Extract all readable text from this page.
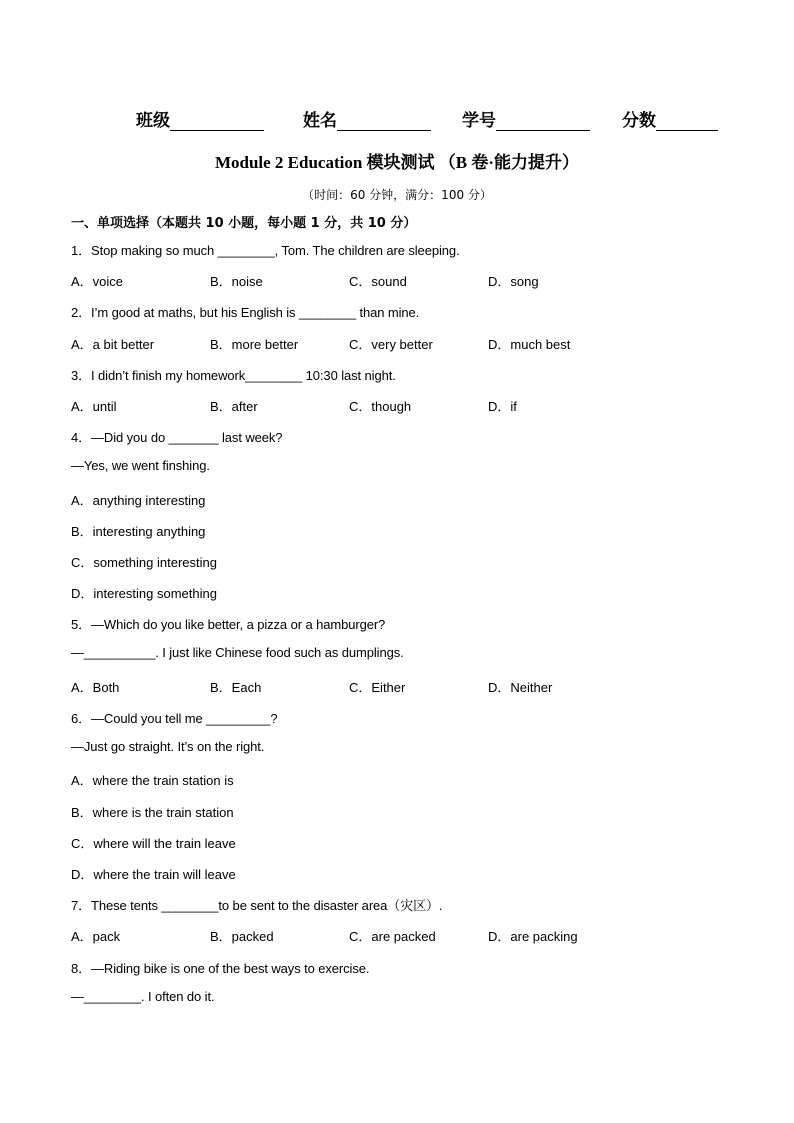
班级	姓名	学号	分数
Module 2 Education 模块测试 （B 卷·能力提升）
（时间：60 分钟，满分：100 分）
一、单项选择（本题共 10 小题，每小题 1 分，共 10 分）
1．Stop making so much ________, Tom. The children are sleeping.
A．voice	B．noise	C．sound	D．song
2．I’m good at maths, but his English is ________ than mine.
A．a bit better	B．more better	C．very better	D．much best
3．I didn’t finish my homework________ 10:30 last night.
A．until	B．after	C．though	D．if
4．—Did you do _______ last week?
—Yes, we went finshing.
A．anything interesting
B．interesting anything
C．something interesting
D．interesting something
5．—Which do you like better, a pizza or a hamburger?
—__________. I just like Chinese food such as dumplings.
A．Both	B．Each	C．Either	D．Neither
6．—Could you tell me _________?
—Just go straight. It’s on the right.
A．where the train station is
B．where is the train station
C．where will the train leave
D．where the train will leave
7．These tents ________to be sent to the disaster area（灾区）.
A．pack	B．packed	C．are packed	D．are packing
8．—Riding bike is one of the best ways to exercise.
—________. I often do it.
